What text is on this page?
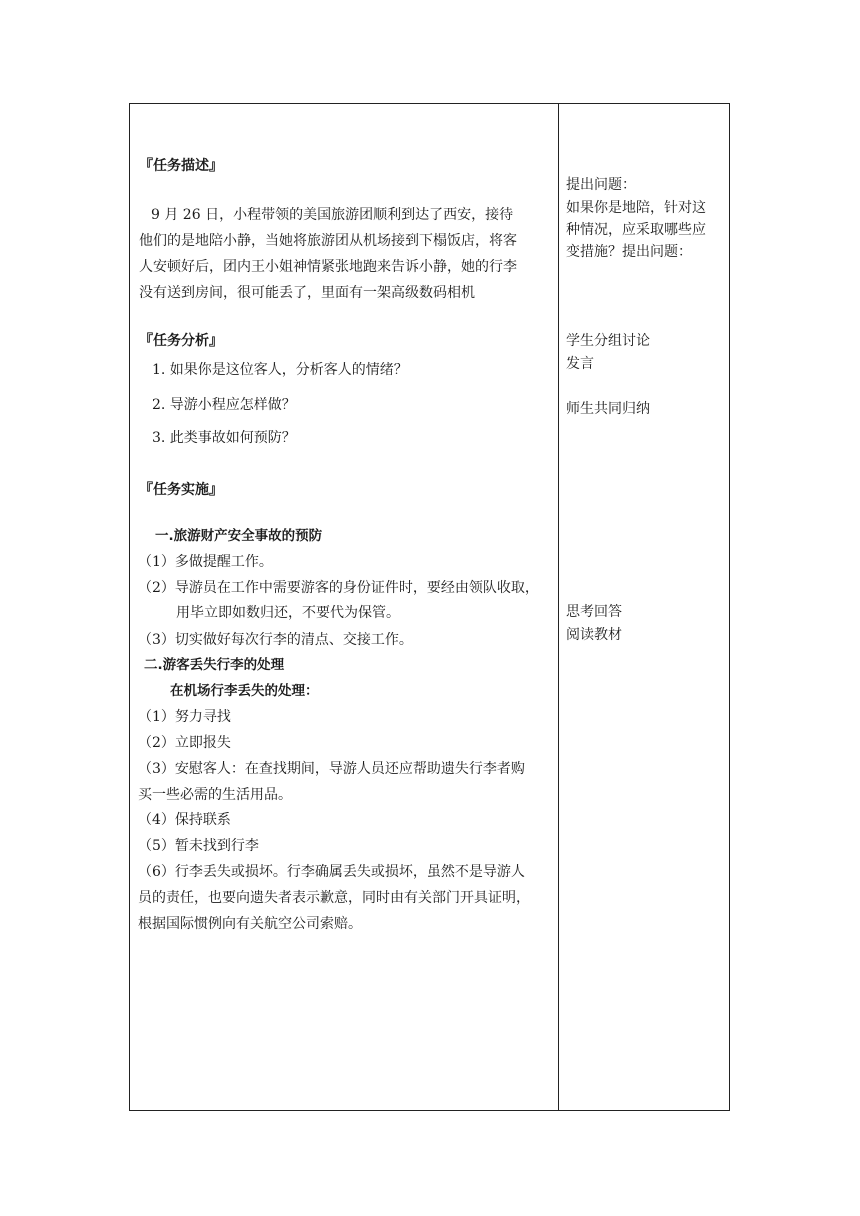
『任务描述』
9 月 26 日，小程带领的美国旅游团顺利到达了西安，接待
他们的是地陪小静，当她将旅游团从机场接到下榻饭店，将客
人安顿好后，团内王小姐神情紧张地跑来告诉小静，她的行李
没有送到房间，很可能丢了，里面有一架高级数码相机
『任务分析』
1. 如果你是这位客人，分析客人的情绪？
2. 导游小程应怎样做？
3. 此类事故如何预防？
『任务实施』
一.旅游财产安全事故的预防
（1）多做提醒工作。
（2）导游员在工作中需要游客的身份证件时，要经由领队收取，
用毕立即如数归还，不要代为保管。
（3）切实做好每次行李的清点、交接工作。
二.游客丢失行李的处理
在机场行李丢失的处理：
（1）努力寻找
（2）立即报失
（3）安慰客人：在查找期间，导游人员还应帮助遗失行李者购
买一些必需的生活用品。
（4）保持联系
（5）暂未找到行李
（6）行李丢失或损坏。行李确属丢失或损坏，虽然不是导游人
员的责任，也要向遗失者表示歉意，同时由有关部门开具证明，
根据国际惯例向有关航空公司索赔。
提出问题：
如果你是地陪，针对这
种情况，应采取哪些应
变措施？提出问题：
学生分组讨论
发言
师生共同归纳
思考回答
阅读教材
